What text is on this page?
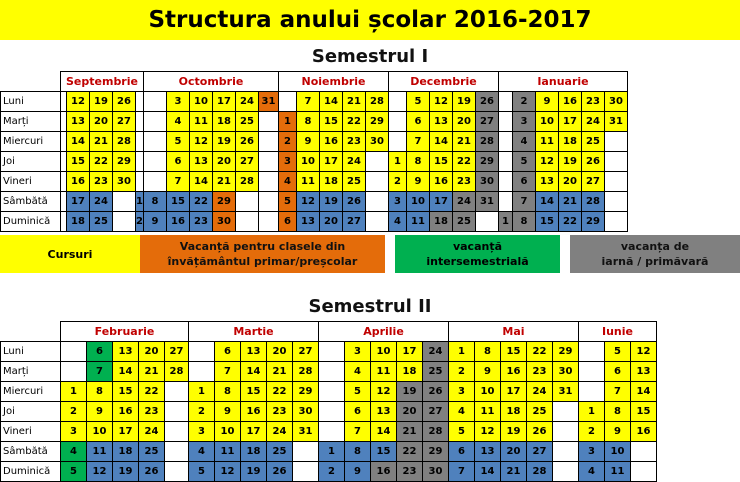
Structura anului școlar 2016-2017
Semestrul I
	Septembrie					Octombrie						Noiembrie					Decembrie					Ianuarie					
Luni		12	19	26			3	10	17	24	31		7	14	21	28		5	12	19	26		2	9	16	23	30
Marți		13	20	27			4	11	18	25		1	8	15	22	29		6	13	20	27		3	10	17	24	31
Miercuri		14	21	28			5	12	19	26		2	9	16	23	30		7	14	21	28		4	11	18	25	
Joi		15	22	29			6	13	20	27		3	10	17	24		1	8	15	22	29		5	12	19	26	
Vineri		16	23	30			7	14	21	28		4	11	18	25		2	9	16	23	30		6	13	20	27	
Sâmbătă		17	24		1	8	15	22	29			5	12	19	26		3	10	17	24	31		7	14	21	28	
Duminică		18	25		2	9	16	23	30			6	13	20	27		4	11	18	25		1	8	15	22	29	
Cursuri
Vacanță pentru clasele din
învățământul primar/preșcolar
vacanță
intersemestrială
vacanța de
iarnă / primăvară
Semestrul II
	Februarie					Martie					Aprilie					Mai					Iunie		
Luni		6	13	20	27		6	13	20	27		3	10	17	24	1	8	15	22	29		5	12
Marți		7	14	21	28		7	14	21	28		4	11	18	25	2	9	16	23	30		6	13
Miercuri	1	8	15	22		1	8	15	22	29		5	12	19	26	3	10	17	24	31		7	14
Joi	2	9	16	23		2	9	16	23	30		6	13	20	27	4	11	18	25		1	8	15
Vineri	3	10	17	24		3	10	17	24	31		7	14	21	28	5	12	19	26		2	9	16
Sâmbătă	4	11	18	25		4	11	18	25		1	8	15	22	29	6	13	20	27		3	10	
Duminică	5	12	19	26		5	12	19	26		2	9	16	23	30	7	14	21	28		4	11	
